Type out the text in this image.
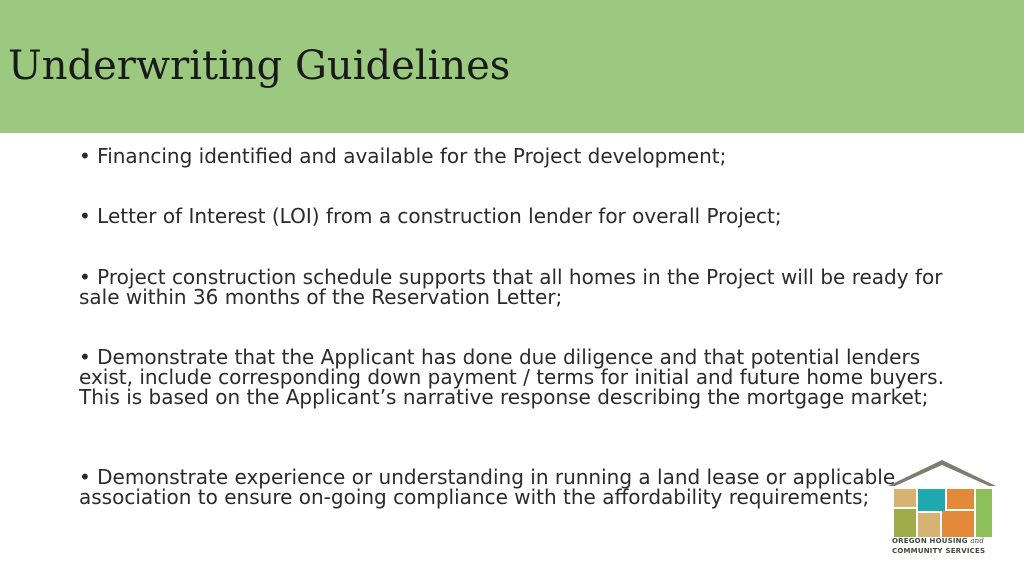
Underwriting Guidelines

• Financing identified and available for the Project development;

• Letter of Interest (LOI) from a construction lender for overall Project;

• Project construction schedule supports that all homes in the Project will be ready for sale within 36 months of the Reservation Letter;

• Demonstrate that the Applicant has done due diligence and that potential lenders exist, include corresponding down payment / terms for initial and future home buyers. This is based on the Applicant’s narrative response describing the mortgage market;

• Demonstrate experience or understanding in running a land lease or applicable association to ensure on-going compliance with the affordability requirements;

OREGON HOUSING and
COMMUNITY SERVICES
